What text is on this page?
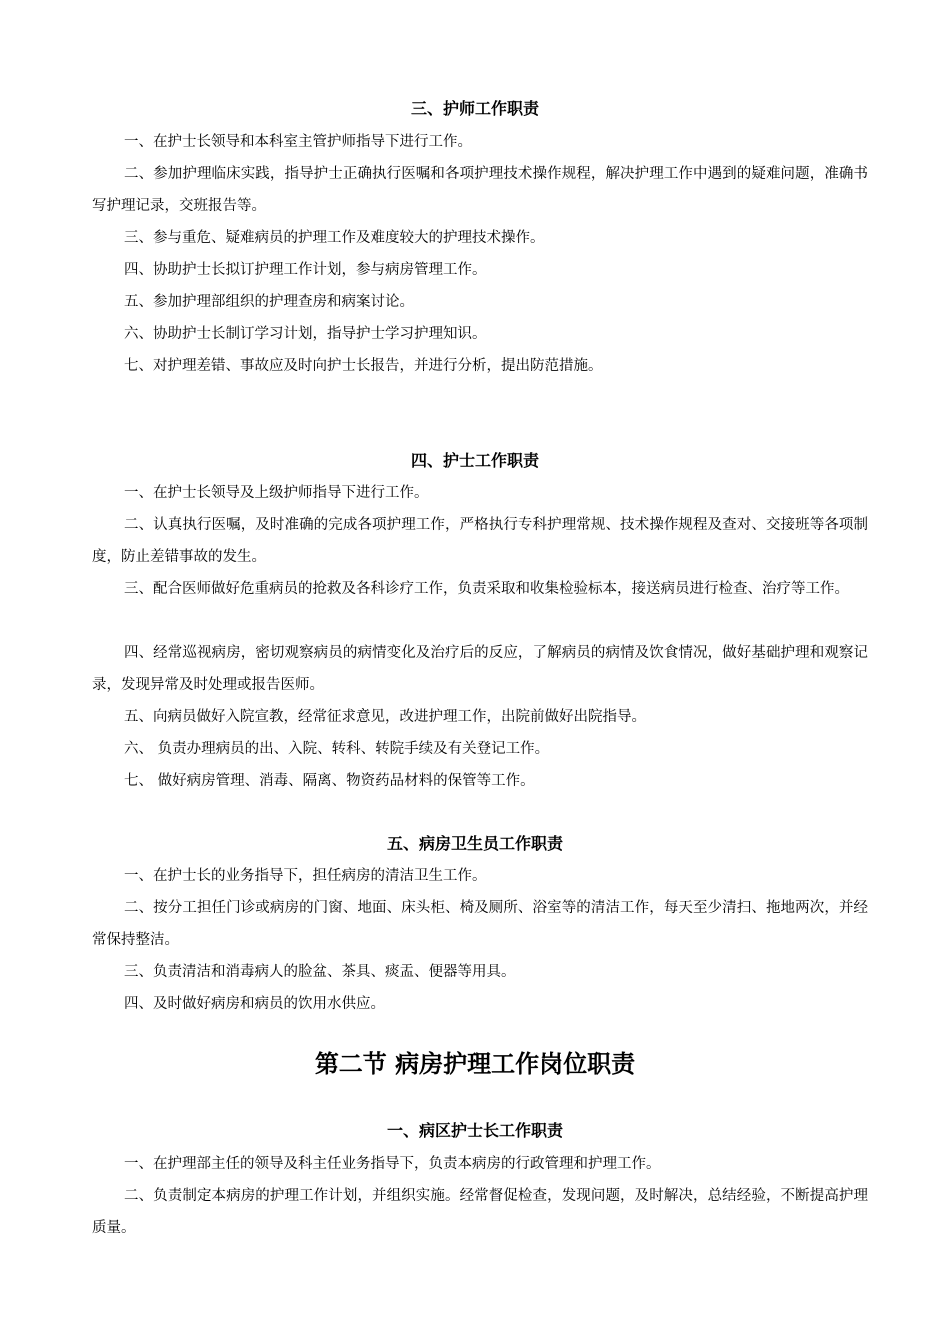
三、护师工作职责

一、在护士长领导和本科室主管护师指导下进行工作。

二、参加护理临床实践，指导护士正确执行医嘱和各项护理技术操作规程，解决护理工作中遇到的疑难问题，准确书写护理记录，交班报告等。

三、参与重危、疑难病员的护理工作及难度较大的护理技术操作。

四、协助护士长拟订护理工作计划，参与病房管理工作。

五、参加护理部组织的护理查房和病案讨论。

六、协助护士长制订学习计划，指导护士学习护理知识。

七、对护理差错、事故应及时向护士长报告，并进行分析，提出防范措施。

四、护士工作职责

一、在护士长领导及上级护师指导下进行工作。

二、认真执行医嘱，及时准确的完成各项护理工作，严格执行专科护理常规、技术操作规程及查对、交接班等各项制度，防止差错事故的发生。

三、配合医师做好危重病员的抢救及各科诊疗工作，负责采取和收集检验标本，接送病员进行检查、治疗等工作。

四、经常巡视病房，密切观察病员的病情变化及治疗后的反应，了解病员的病情及饮食情况，做好基础护理和观察记录，发现异常及时处理或报告医师。

五、向病员做好入院宣教，经常征求意见，改进护理工作，出院前做好出院指导。

六、 负责办理病员的出、入院、转科、转院手续及有关登记工作。

七、 做好病房管理、消毒、隔离、物资药品材料的保管等工作。

五、病房卫生员工作职责

一、在护士长的业务指导下，担任病房的清洁卫生工作。

二、按分工担任门诊或病房的门窗、地面、床头柜、椅及厕所、浴室等的清洁工作，每天至少清扫、拖地两次，并经常保持整洁。

三、负责清洁和消毒病人的脸盆、茶具、痰盂、便器等用具。

四、及时做好病房和病员的饮用水供应。

第二节 病房护理工作岗位职责
一、病区护士长工作职责

一、在护理部主任的领导及科主任业务指导下，负责本病房的行政管理和护理工作。

二、负责制定本病房的护理工作计划，并组织实施。经常督促检查，发现问题，及时解决，总结经验，不断提高护理质量。
